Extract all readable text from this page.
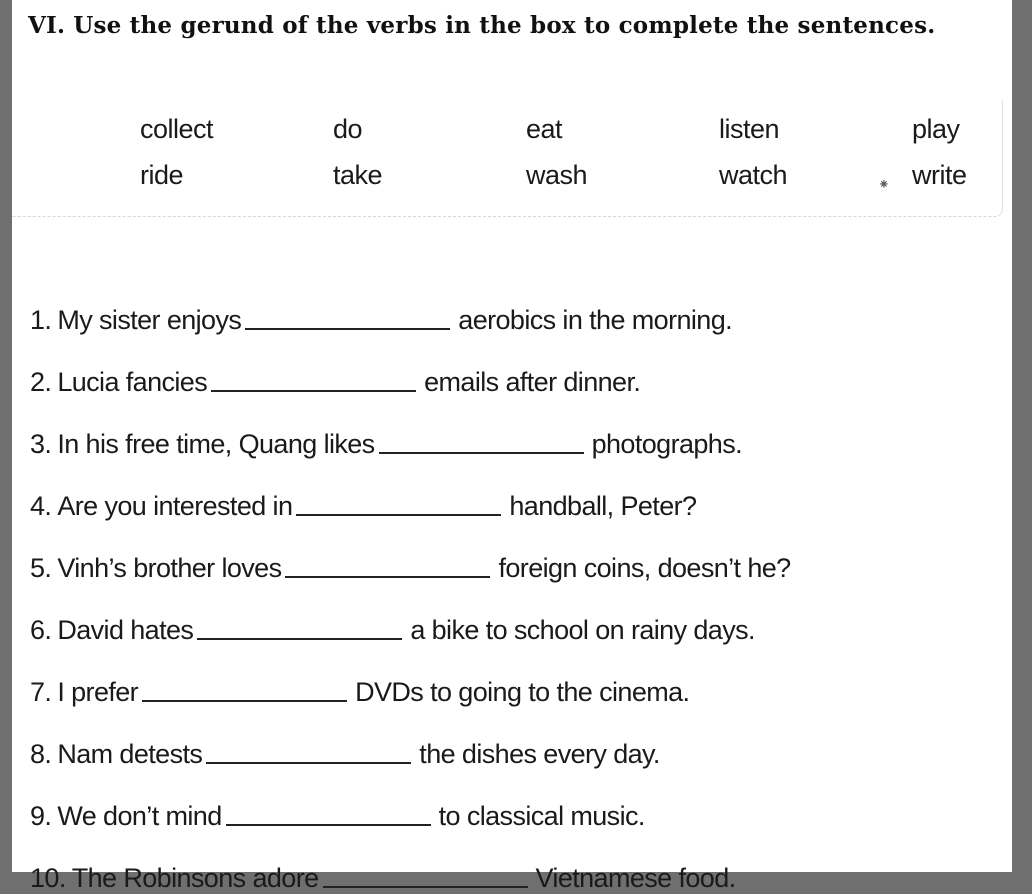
VI. Use the gerund of the verbs in the box to complete the sentences.
collect	do	eat	listen	play
ride	take	wash	watch	write
⁕
1. My sister enjoys	aerobics in the morning.
2. Lucia fancies	emails after dinner.
3. In his free time, Quang likes	photographs.
4. Are you interested in	handball, Peter?
5. Vinh’s brother loves	foreign coins, doesn’t he?
6. David hates	a bike to school on rainy days.
7. I prefer	DVDs to going to the cinema.
8. Nam detests	the dishes every day.
9. We don’t mind	to classical music.
10. The Robinsons adore	Vietnamese food.
